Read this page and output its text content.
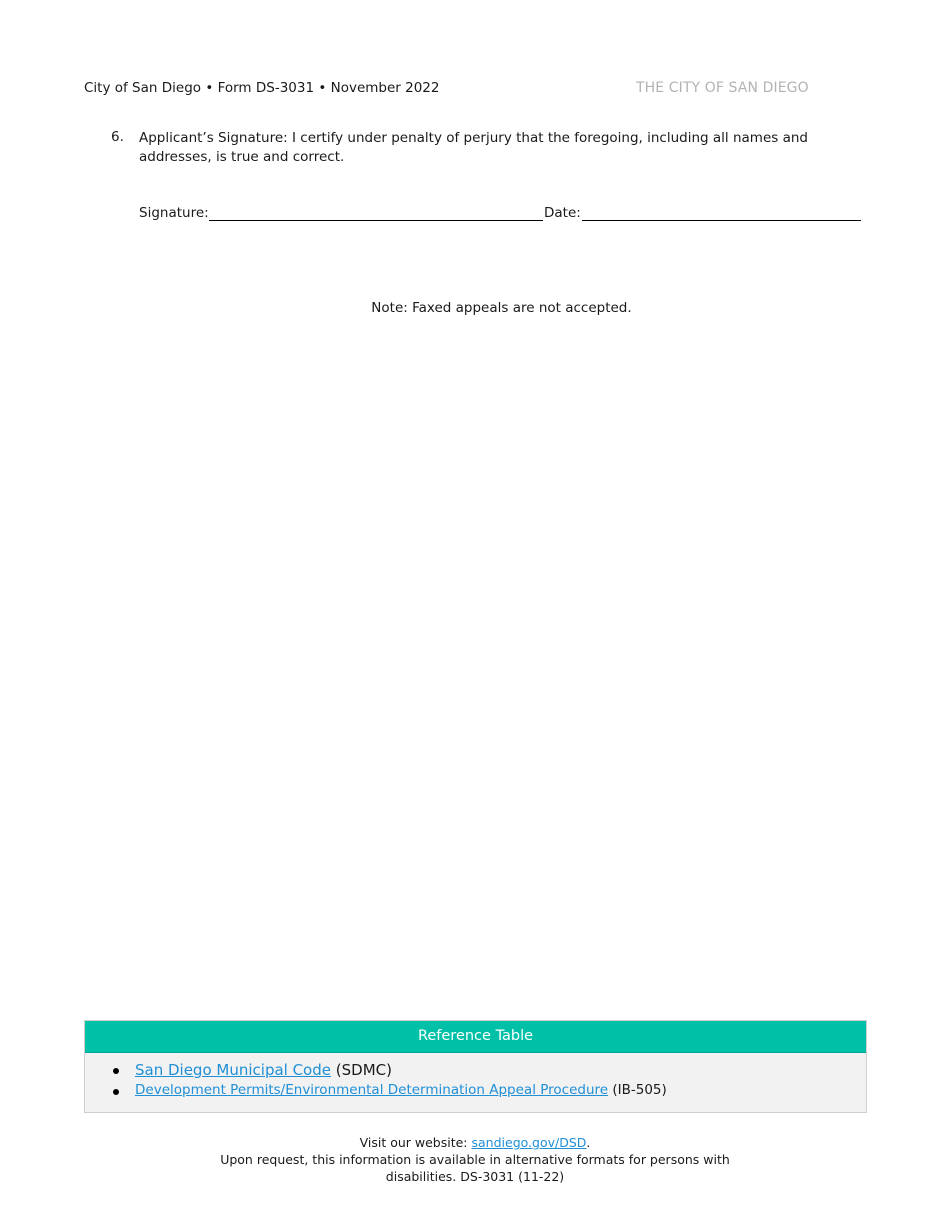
City of San Diego • Form DS-3031 • November 2022	THE CITY OF SAN DIEGO
6. Applicant’s Signature: I certify under penalty of perjury that the foregoing, including all names and addresses, is true and correct.
Signature:	Date:
Note: Faxed appeals are not accepted.
Reference Table
San Diego Municipal Code (SDMC)
Development Permits/Environmental Determination Appeal Procedure (IB-505)
Visit our website: sandiego.gov/DSD.
Upon request, this information is available in alternative formats for persons with
disabilities. DS-3031 (11-22)
